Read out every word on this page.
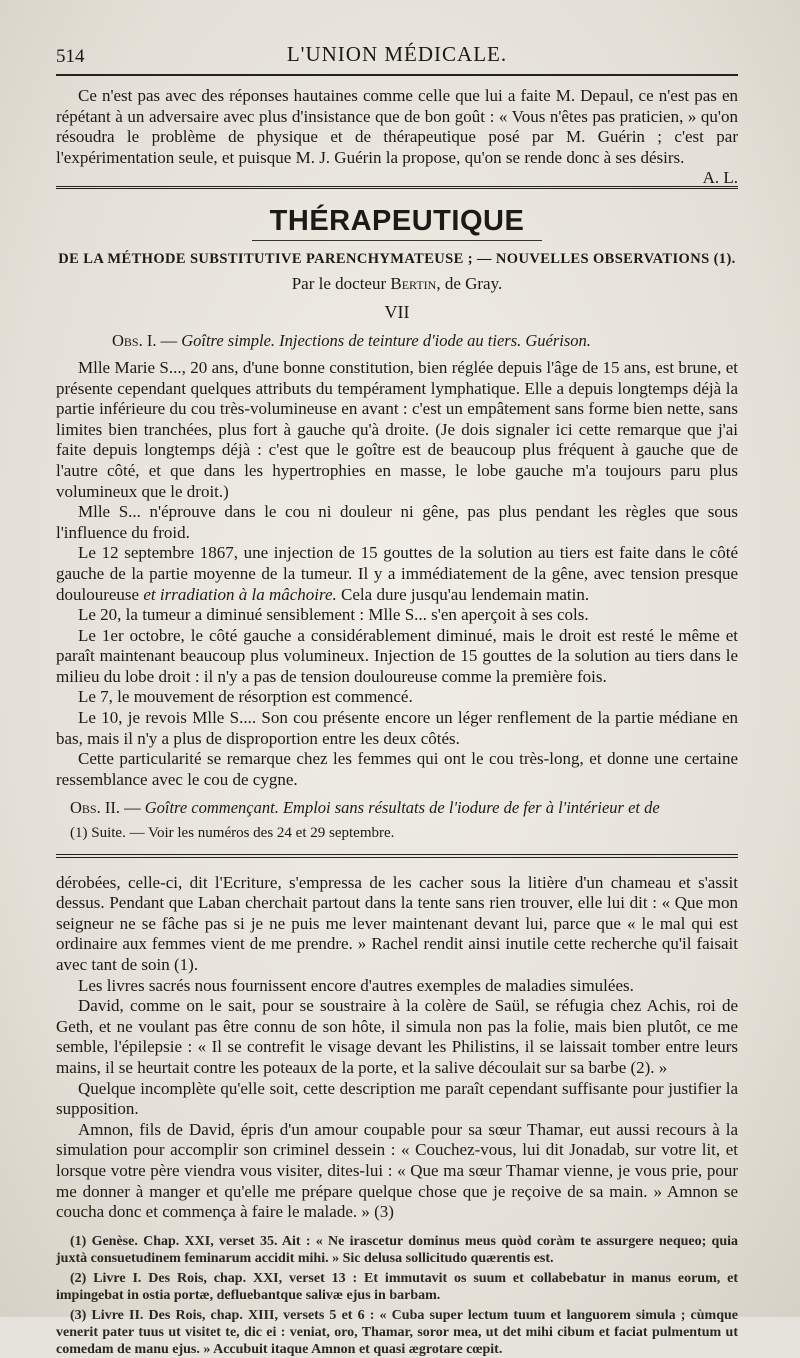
514	L'UNION MÉDICALE.

Ce n'est pas avec des réponses hautaines comme celle que lui a faite M. Depaul, ce n'est pas en répétant à un adversaire avec plus d'insistance que de bon goût : « Vous n'êtes pas praticien, » qu'on résoudra le problème de physique et de thérapeutique posé par M. Guérin ; c'est par l'expérimentation seule, et puisque M. J. Guérin la propose, qu'on se rende donc à ses désirs.
A. L.

THÉRAPEUTIQUE
DE LA MÉTHODE SUBSTITUTIVE PARENCHYMATEUSE ; — NOUVELLES OBSERVATIONS (1).
Par le docteur Bertin, de Gray.
VII

Obs. I. — Goître simple. Injections de teinture d'iode au tiers. Guérison.

Mlle Marie S..., 20 ans, d'une bonne constitution, bien réglée depuis l'âge de 15 ans, est brune, et présente cependant quelques attributs du tempérament lymphatique. Elle a depuis longtemps déjà la partie inférieure du cou très-volumineuse en avant : c'est un empâtement sans forme bien nette, sans limites bien tranchées, plus fort à gauche qu'à droite. (Je dois signaler ici cette remarque que j'ai faite depuis longtemps déjà : c'est que le goître est de beaucoup plus fréquent à gauche que de l'autre côté, et que dans les hypertrophies en masse, le lobe gauche m'a toujours paru plus volumineux que le droit.)

Mlle S... n'éprouve dans le cou ni douleur ni gêne, pas plus pendant les règles que sous l'influence du froid.

Le 12 septembre 1867, une injection de 15 gouttes de la solution au tiers est faite dans le côté gauche de la partie moyenne de la tumeur. Il y a immédiatement de la gêne, avec tension presque douloureuse et irradiation à la mâchoire. Cela dure jusqu'au lendemain matin.

Le 20, la tumeur a diminué sensiblement : Mlle S... s'en aperçoit à ses cols.

Le 1er octobre, le côté gauche a considérablement diminué, mais le droit est resté le même et paraît maintenant beaucoup plus volumineux. Injection de 15 gouttes de la solution au tiers dans le milieu du lobe droit : il n'y a pas de tension douloureuse comme la première fois.

Le 7, le mouvement de résorption est commencé.

Le 10, je revois Mlle S.... Son cou présente encore un léger renflement de la partie médiane en bas, mais il n'y a plus de disproportion entre les deux côtés.

Cette particularité se remarque chez les femmes qui ont le cou très-long, et donne une certaine ressemblance avec le cou de cygne.

Obs. II. — Goître commençant. Emploi sans résultats de l'iodure de fer à l'intérieur et de

(1) Suite. — Voir les numéros des 24 et 29 septembre.

dérobées, celle-ci, dit l'Ecriture, s'empressa de les cacher sous la litière d'un chameau et s'assit dessus. Pendant que Laban cherchait partout dans la tente sans rien trouver, elle lui dit : « Que mon seigneur ne se fâche pas si je ne puis me lever maintenant devant lui, parce que « le mal qui est ordinaire aux femmes vient de me prendre. » Rachel rendit ainsi inutile cette recherche qu'il faisait avec tant de soin (1).

Les livres sacrés nous fournissent encore d'autres exemples de maladies simulées.

David, comme on le sait, pour se soustraire à la colère de Saül, se réfugia chez Achis, roi de Geth, et ne voulant pas être connu de son hôte, il simula non pas la folie, mais bien plutôt, ce me semble, l'épilepsie : « Il se contrefit le visage devant les Philistins, il se laissait tomber entre leurs mains, il se heurtait contre les poteaux de la porte, et la salive découlait sur sa barbe (2). »

Quelque incomplète qu'elle soit, cette description me paraît cependant suffisante pour justifier la supposition.

Amnon, fils de David, épris d'un amour coupable pour sa sœur Thamar, eut aussi recours à la simulation pour accomplir son criminel dessein : « Couchez-vous, lui dit Jonadab, sur votre lit, et lorsque votre père viendra vous visiter, dites-lui : « Que ma sœur Thamar vienne, je vous prie, pour me donner à manger et qu'elle me prépare quelque chose que je reçoive de sa main. » Amnon se coucha donc et commença à faire le malade. » (3)

(1) Genèse. Chap. XXI, verset 35. Ait : « Ne irascetur dominus meus quòd coràm te assurgere nequeo; quia juxtà consuetudinem feminarum accidit mihi. » Sic delusa sollicitudo quærentis est.

(2) Livre I. Des Rois, chap. XXI, verset 13 : Et immutavit os suum et collabebatur in manus eorum, et impingebat in ostia portæ, defluebantque salivæ ejus in barbam.

(3) Livre II. Des Rois, chap. XIII, versets 5 et 6 : « Cuba super lectum tuum et languorem simula ; cùmque venerit pater tuus ut visitet te, dic ei : veniat, oro, Thamar, soror mea, ut det mihi cibum et faciat pulmentum ut comedam de manu ejus. » Accubuit itaque Amnon et quasi ægrotare cœpit.
